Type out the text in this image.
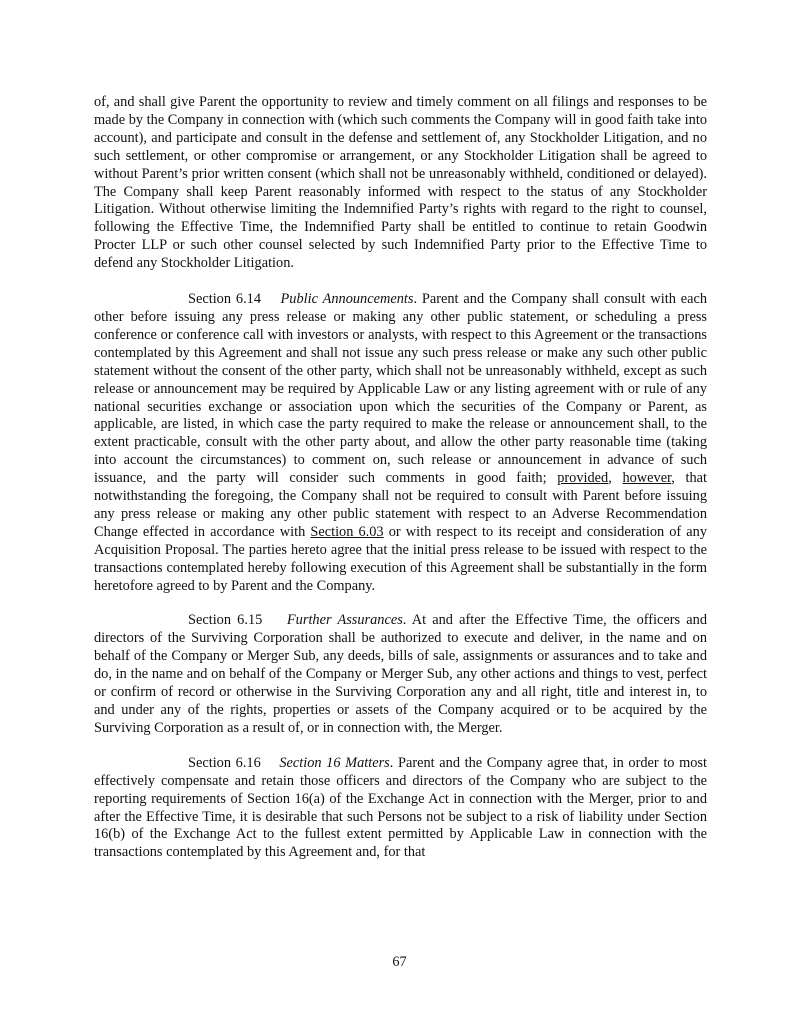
of, and shall give Parent the opportunity to review and timely comment on all filings and responses to be made by the Company in connection with (which such comments the Company will in good faith take into account), and participate and consult in the defense and settlement of, any Stockholder Litigation, and no such settlement, or other compromise or arrangement, or any Stockholder Litigation shall be agreed to without Parent’s prior written consent (which shall not be unreasonably withheld, conditioned or delayed). The Company shall keep Parent reasonably informed with respect to the status of any Stockholder Litigation. Without otherwise limiting the Indemnified Party’s rights with regard to the right to counsel, following the Effective Time, the Indemnified Party shall be entitled to continue to retain Goodwin Procter LLP or such other counsel selected by such Indemnified Party prior to the Effective Time to defend any Stockholder Litigation.

Section 6.14 Public Announcements. Parent and the Company shall consult with each other before issuing any press release or making any other public statement, or scheduling a press conference or conference call with investors or analysts, with respect to this Agreement or the transactions contemplated by this Agreement and shall not issue any such press release or make any such other public statement without the consent of the other party, which shall not be unreasonably withheld, except as such release or announcement may be required by Applicable Law or any listing agreement with or rule of any national securities exchange or association upon which the securities of the Company or Parent, as applicable, are listed, in which case the party required to make the release or announcement shall, to the extent practicable, consult with the other party about, and allow the other party reasonable time (taking into account the circumstances) to comment on, such release or announcement in advance of such issuance, and the party will consider such comments in good faith; provided, however, that notwithstanding the foregoing, the Company shall not be required to consult with Parent before issuing any press release or making any other public statement with respect to an Adverse Recommendation Change effected in accordance with Section 6.03 or with respect to its receipt and consideration of any Acquisition Proposal. The parties hereto agree that the initial press release to be issued with respect to the transactions contemplated hereby following execution of this Agreement shall be substantially in the form heretofore agreed to by Parent and the Company.

Section 6.15 Further Assurances. At and after the Effective Time, the officers and directors of the Surviving Corporation shall be authorized to execute and deliver, in the name and on behalf of the Company or Merger Sub, any deeds, bills of sale, assignments or assurances and to take and do, in the name and on behalf of the Company or Merger Sub, any other actions and things to vest, perfect or confirm of record or otherwise in the Surviving Corporation any and all right, title and interest in, to and under any of the rights, properties or assets of the Company acquired or to be acquired by the Surviving Corporation as a result of, or in connection with, the Merger.

Section 6.16 Section 16 Matters. Parent and the Company agree that, in order to most effectively compensate and retain those officers and directors of the Company who are subject to the reporting requirements of Section 16(a) of the Exchange Act in connection with the Merger, prior to and after the Effective Time, it is desirable that such Persons not be subject to a risk of liability under Section 16(b) of the Exchange Act to the fullest extent permitted by Applicable Law in connection with the transactions contemplated by this Agreement and, for that

67
